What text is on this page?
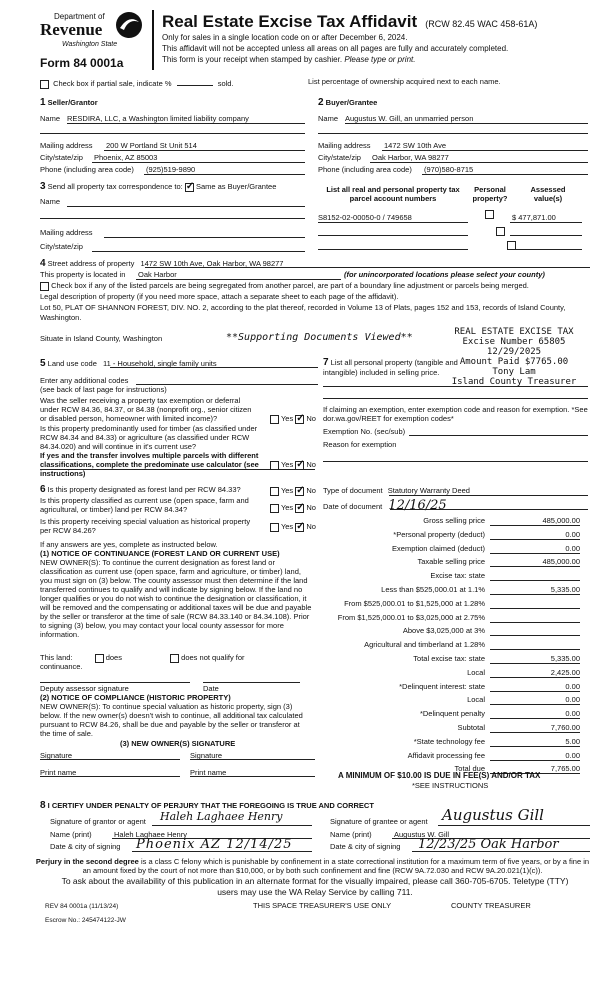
Department of
Revenue
Washington State
Form 84 0001a
Real Estate Excise Tax Affidavit (RCW 82.45 WAC 458-61A)
Only for sales in a single location code on or after December 6, 2024.
This affidavit will not be accepted unless all areas on all pages are fully and accurately completed.
This form is your receipt when stamped by cashier. Please type or print.
Check box if partial sale, indicate %	sold.	List percentage of ownership acquired next to each name.
1 Seller/Grantor
Name RESDIRA, LLC, a Washington limited liability company
Mailing address 200 W Portland St Unit 514
City/state/zip Phoenix, AZ 85003
Phone (including area code) (925)519-9890
2 Buyer/Grantee
Name Augustus W. Gill, an unmarried person
Mailing address 1472 SW 10th Ave
City/state/zip Oak Harbor, WA 98277
Phone (including area code) (970)580-8715
3 Send all property tax correspondence to: ✓ Same as Buyer/Grantee
Name
Mailing address
City/state/zip
List all real and personal property tax parcel account numbers
Personal property?
Assessed value(s)
S8152-02-00050-0 / 749658
	$ 477,871.00

4 Street address of property 1472 SW 10th Ave, Oak Harbor, WA 98277
This property is located in Oak Harbor	(for unincorporated locations please select your county)
Check box if any of the listed parcels are being segregated from another parcel, are part of a boundary line adjustment or parcels being merged.
Legal description of property (if you need more space, attach a separate sheet to each page of the affidavit).
Lot 50, PLAT OF SHANNON FOREST, DIV. NO. 2, according to the plat thereof, recorded in Volume 13 of Plats, pages 152 and 153, records of Island County, Washington.
Situate in Island County, Washington	**Supporting Documents Viewed**	REAL ESTATE EXCISE TAX
Excise Number 65805
12/29/2025
Amount Paid $7765.00
Tony Lam
Island County Treasurer
5 Land use code 11 - Household, single family units
Enter any additional codes
(see back of last page for instructions)
Was the seller receiving a property tax exemption or deferral under RCW 84.36, 84.37, or 84.38 (nonprofit org., senior citizen or disabled person, homeowner with limited income)?	Yes ✓ No
Is this property predominantly used for timber (as classified under RCW 84.34 and 84.33) or agriculture (as classified under RCW 84.34.020) and will continue in it's current use?
If yes and the transfer involves multiple parcels with different classifications, complete the predominate use calculator (see instructions)
Yes ✓ No
7 List all personal property (tangible and intangible) included in selling price.
If claiming an exemption, enter exemption code and reason for exemption. *See dor.wa.gov/REET for exemption codes*
Exemption No. (sec/sub)
Reason for exemption
Type of document Statutory Warranty Deed
Date of document 12/16/25
6 Is this property designated as forest land per RCW 84.33?	Yes ✓ No
Is this property classified as current use (open space, farm and agricultural, or timber) land per RCW 84.34?	Yes ✓ No
Is this property receiving special valuation as historical property per RCW 84.26?	Yes ✓ No
If any answers are yes, complete as instructed below.
(1) NOTICE OF CONTINUANCE (FOREST LAND OR CURRENT USE)
NEW OWNER(S): To continue the current designation as forest land or classification as current use (open space, farm and agriculture, or timber) land, you must sign on (3) below. The county assessor must then determine if the land transferred continues to qualify and will indicate by signing below. If the land no longer qualifies or you do not wish to continue the designation or classification, it will be removed and the compensating or additional taxes will be due and payable by the seller or transferor at the time of sale (RCW 84.33.140 or 84.34.108). Prior to signing (3) below, you may contact your local county assessor for more information.
This land:	does	does not qualify for
continuance.
Deputy assessor signature	Date
(2) NOTICE OF COMPLIANCE (HISTORIC PROPERTY)
NEW OWNER(S): To continue special valuation as historic property, sign (3) below. If the new owner(s) doesn't wish to continue, all additional tax calculated pursuant to RCW 84.26, shall be due and payable by the seller or transferor at the time of sale.
(3) NEW OWNER(S) SIGNATURE
Signature	Signature
Print name	Print name
Gross selling price	485,000.00
*Personal property (deduct)	0.00
Exemption claimed (deduct)	0.00
Taxable selling price	485,000.00
Excise tax: state
Less than $525,000.01 at 1.1%	5,335.00
From $525,000.01 to $1,525,000 at 1.28%
From $1,525,000.01 to $3,025,000 at 2.75%
Above $3,025,000 at 3%
Agricultural and timberland at 1.28%
Total excise tax: state	5,335.00
Local	2,425.00
*Delinquent interest: state	0.00
Local	0.00
*Delinquent penalty	0.00
Subtotal	7,760.00
*State technology fee	5.00
Affidavit processing fee	0.00
Total due	7,765.00
A MINIMUM OF $10.00 IS DUE IN FEE(S) AND/OR TAX
*SEE INSTRUCTIONS
8 I CERTIFY UNDER PENALTY OF PERJURY THAT THE FOREGOING IS TRUE AND CORRECT
Signature of grantor or agent Haleh Laghaee Henry
Name (print)	Haleh Laghaee Henry
Date & city of signing Phoenix AZ 12/14/25
Signature of grantee or agent Augustus Gill
Name (print)	Augustus W. Gill
Date & city of signing 12/23/25 Oak Harbor
Perjury in the second degree is a class C felony which is punishable by confinement in a state correctional institution for a maximum term of five years, or by a fine in an amount fixed by the court of not more than $10,000, or by both such confinement and fine (RCW 9A.72.030 and RCW 9A.20.021(1)(c)).
To ask about the availability of this publication in an alternate format for the visually impaired, please call 360-705-6705. Teletype (TTY) users may use the WA Relay Service by calling 711.
REV 84 0001a (11/13/24)	THIS SPACE TREASURER'S USE ONLY	COUNTY TREASURER
Escrow No.: 245474122-JW
